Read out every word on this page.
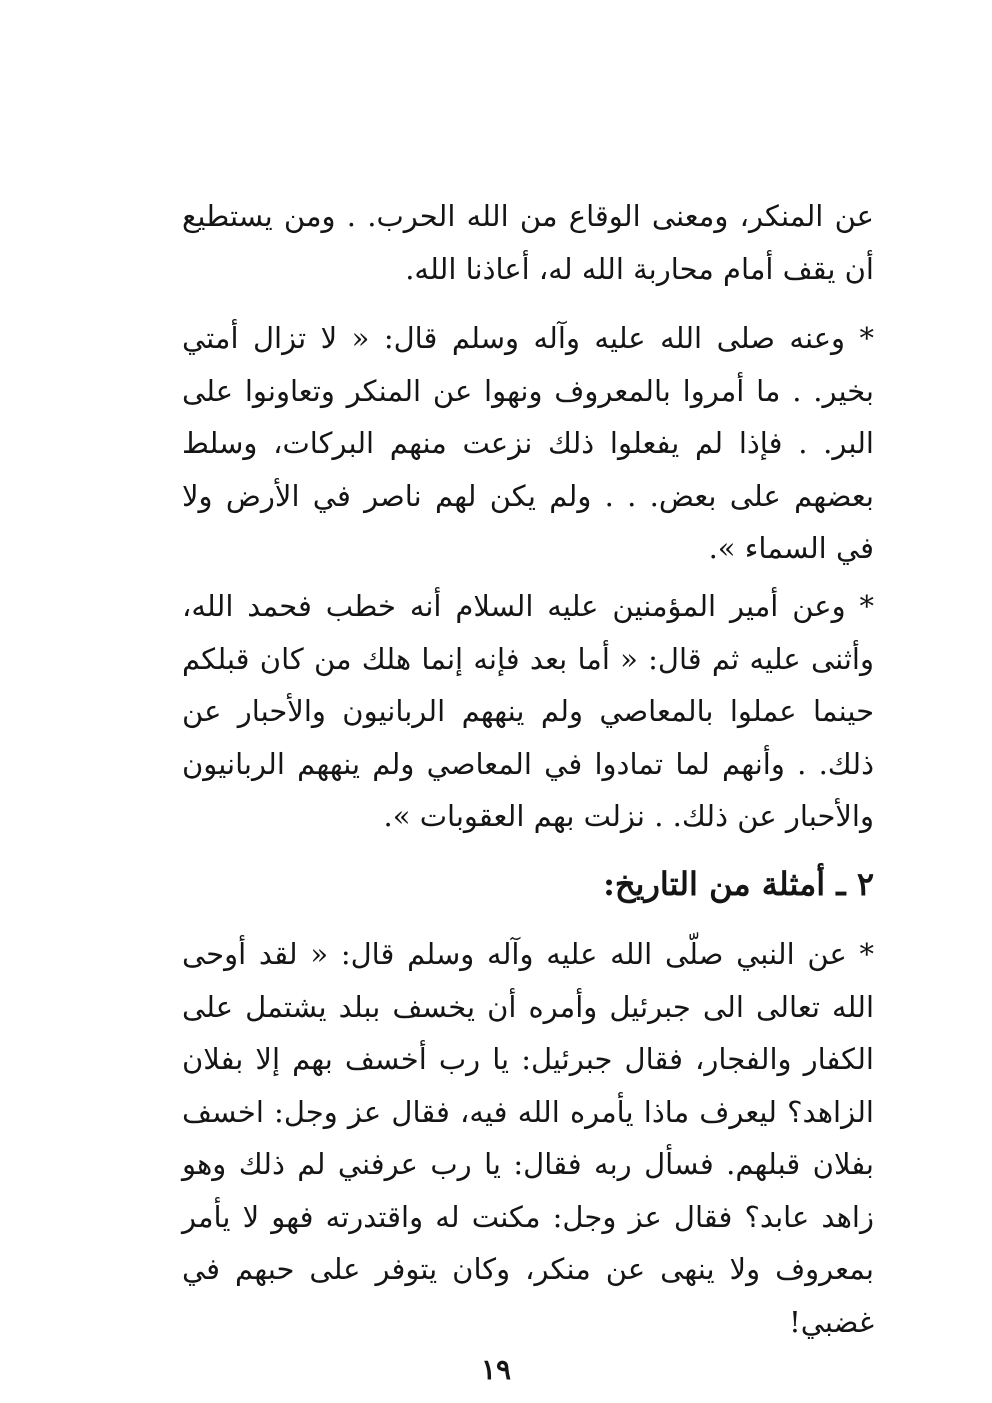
عن المنكر، ومعنى الوقاع من الله الحرب. . ومن يستطيع أن يقف أمام محاربة الله له، أعاذنا الله.

* وعنه صلى الله عليه وآله وسلم قال: « لا تزال أمتي بخير. . ما أمروا بالمعروف ونهوا عن المنكر وتعاونوا على البر. . فإذا لم يفعلوا ذلك نزعت منهم البركات، وسلط بعضهم على بعض. . . ولم يكن لهم ناصر في الأرض ولا في السماء ».

* وعن أمير المؤمنين عليه السلام أنه خطب فحمد الله، وأثنى عليه ثم قال: « أما بعد فإنه إنما هلك من كان قبلكم حينما عملوا بالمعاصي ولم ينههم الربانيون والأحبار عن ذلك. . وأنهم لما تمادوا في المعاصي ولم ينههم الربانيون والأحبار عن ذلك. . نزلت بهم العقوبات ».

٢ ـ أمثلة من التاريخ:

* عن النبي صلّى الله عليه وآله وسلم قال: « لقد أوحى الله تعالى الى جبرئيل وأمره أن يخسف ببلد يشتمل على الكفار والفجار، فقال جبرئيل: يا رب أخسف بهم إلا بفلان الزاهد؟ ليعرف ماذا يأمره الله فيه، فقال عز وجل: اخسف بفلان قبلهم. فسأل ربه فقال: يا رب عرفني لم ذلك وهو زاهد عابد؟ فقال عز وجل: مكنت له واقتدرته فهو لا يأمر بمعروف ولا ينهى عن منكر، وكان يتوفر على حبهم في غضبي!

١٩
